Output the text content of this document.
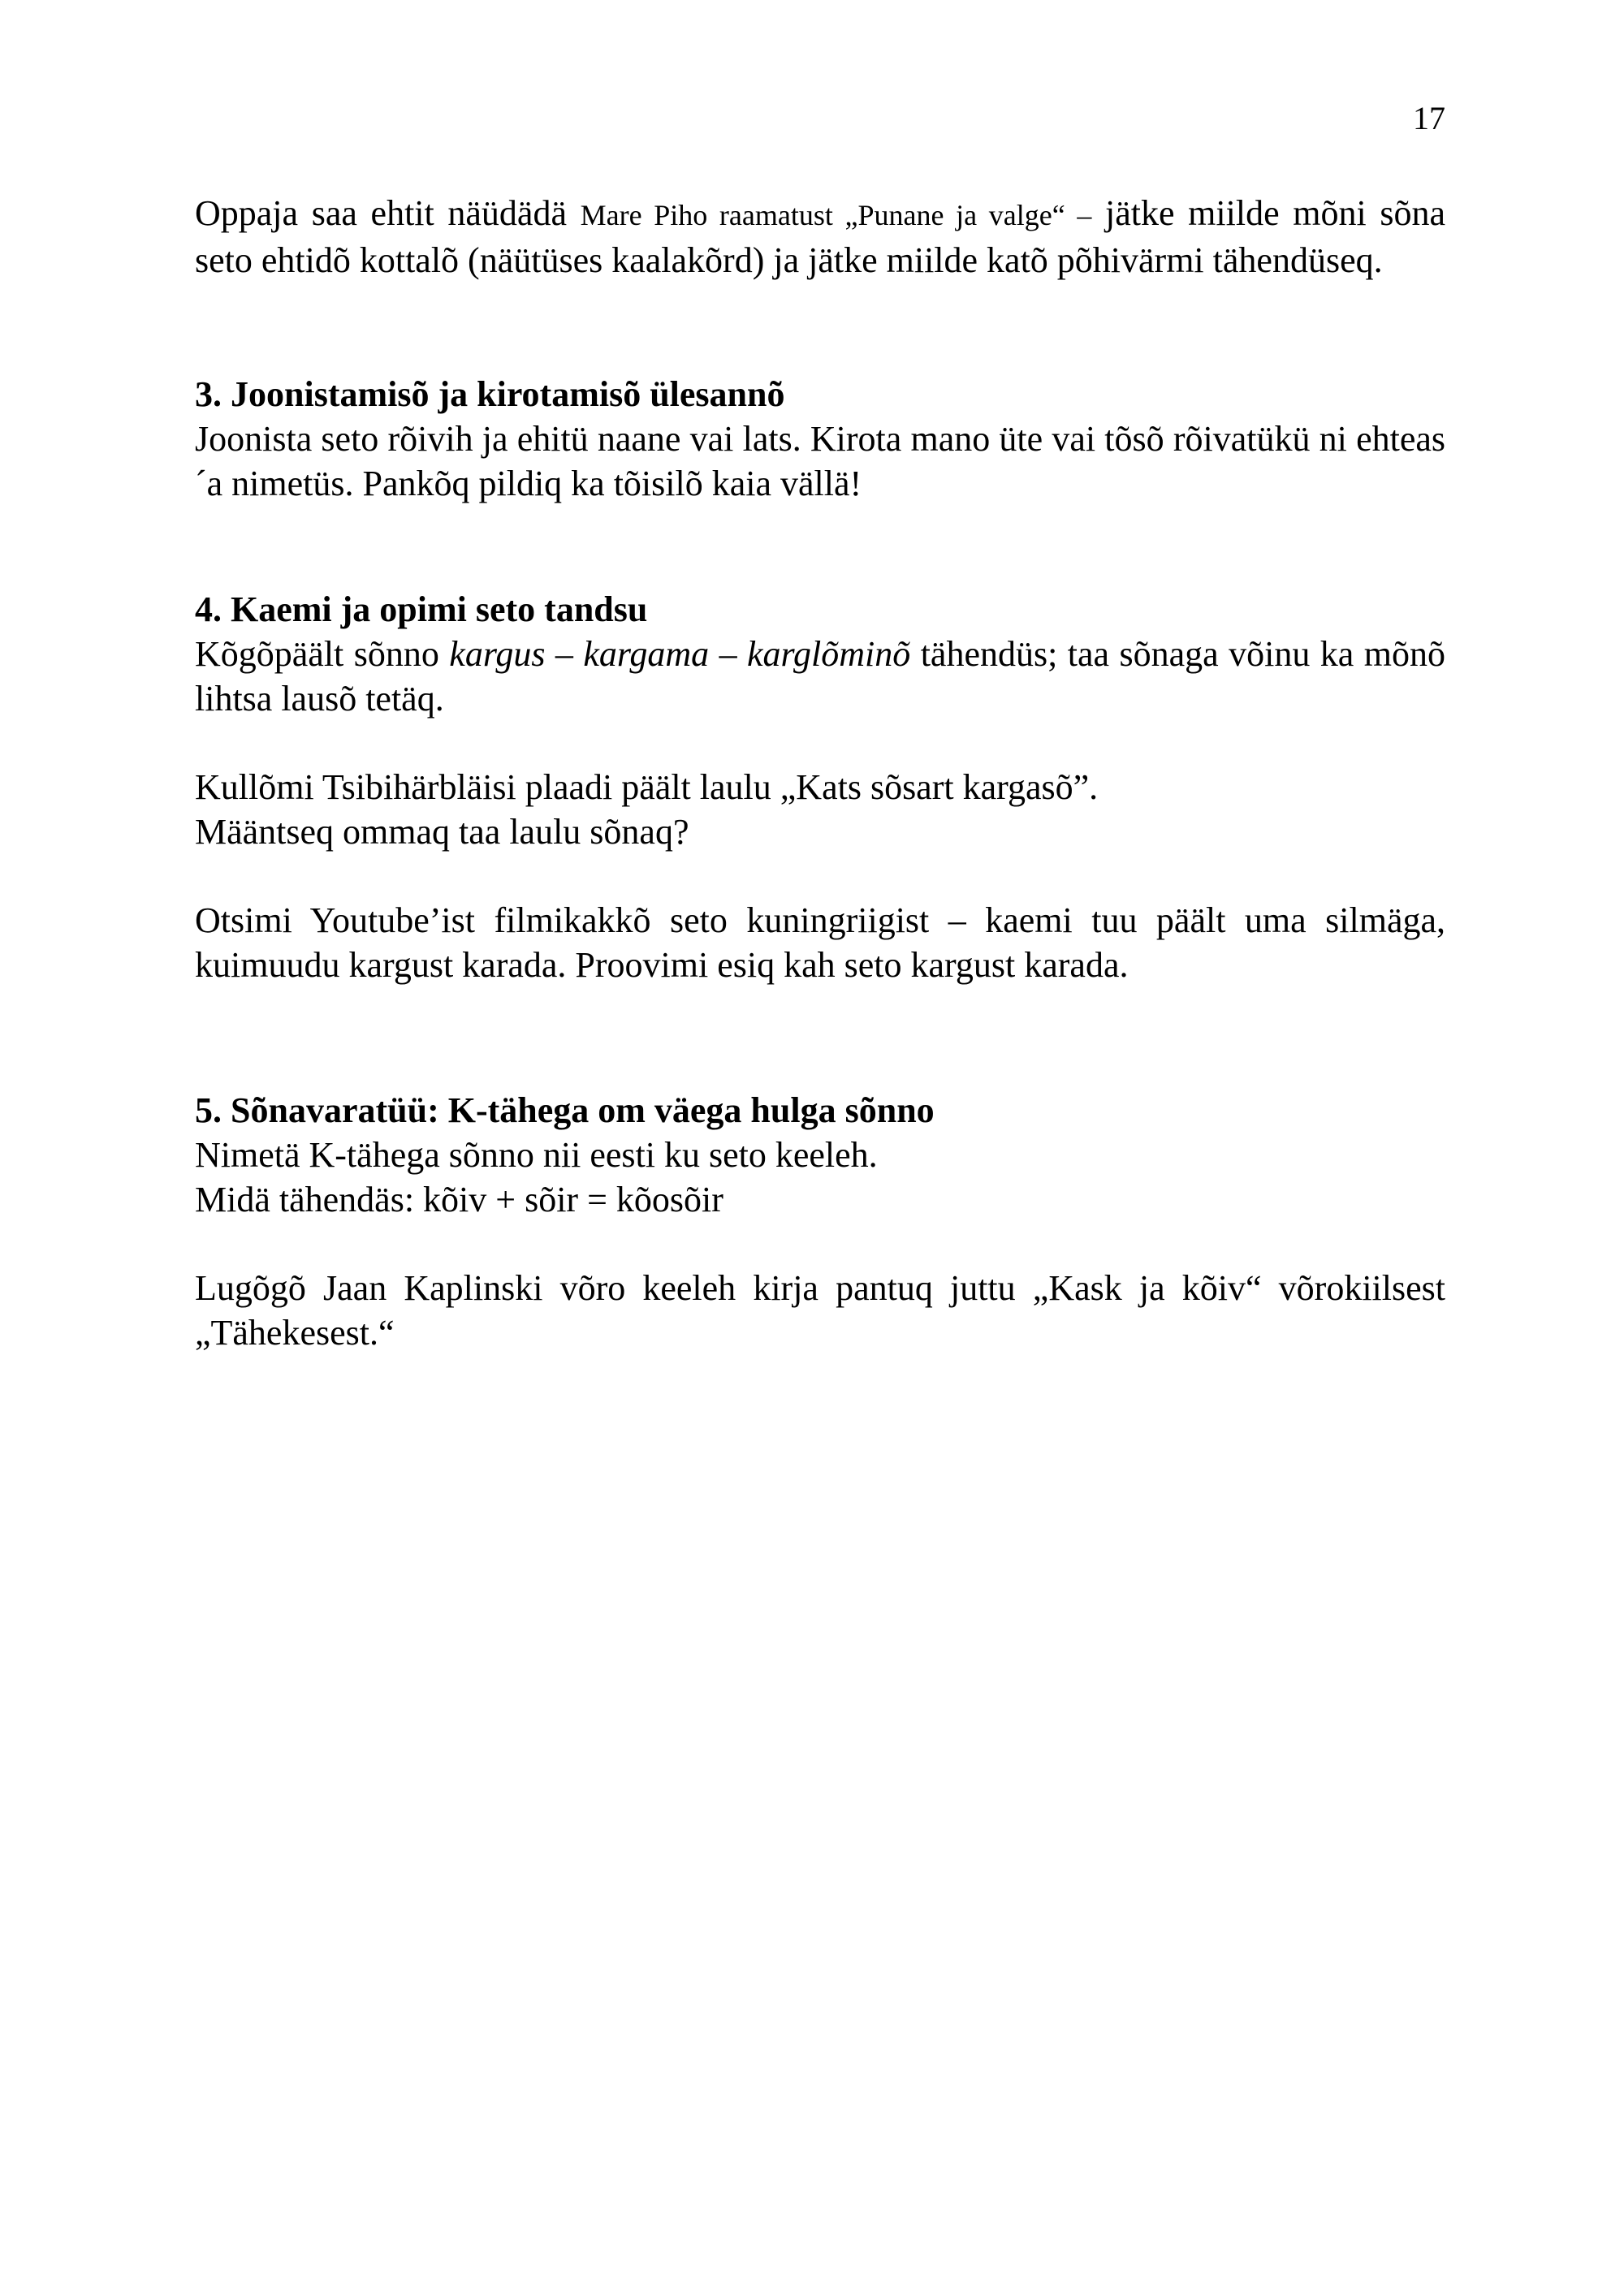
17

Oppaja saa ehtit näüdädä Mare Piho raamatust „Punane ja valge“ – jätke miilde mõni sõna seto ehtidõ kottalõ (näütüses kaalakõrd) ja jätke miilde katõ põhivärmi tähendüseq.

3. Joonistamisõ ja kirotamisõ ülesannõ

Joonista seto rõivih ja ehitü naane vai lats. Kirota mano üte vai tõsõ rõivatükü ni ehteas´a nimetüs. Pankõq pildiq ka tõisilõ kaia vällä!

4. Kaemi ja opimi seto tandsu

Kõgõpäält sõnno kargus – kargama – karglõminõ tähendüs; taa sõnaga võinu ka mõnõ lihtsa lausõ tetäq.

Kullõmi Tsibihärbläisi plaadi päält laulu „Kats sõsart kargasõ”.

Määntseq ommaq taa laulu sõnaq?

Otsimi Youtube’ist filmikakkõ seto kuningriigist – kaemi tuu päält uma silmäga, kuimuudu kargust karada. Proovimi esiq kah seto kargust karada.

5. Sõnavaratüü: K-tähega om väega hulga sõnno

Nimetä K-tähega sõnno nii eesti ku seto keeleh.

Midä tähendäs: kõiv + sõir = kõosõir

Lugõgõ Jaan Kaplinski võro keeleh kirja pantuq juttu „Kask ja kõiv“ võrokiilsest „Tähekesest.“
